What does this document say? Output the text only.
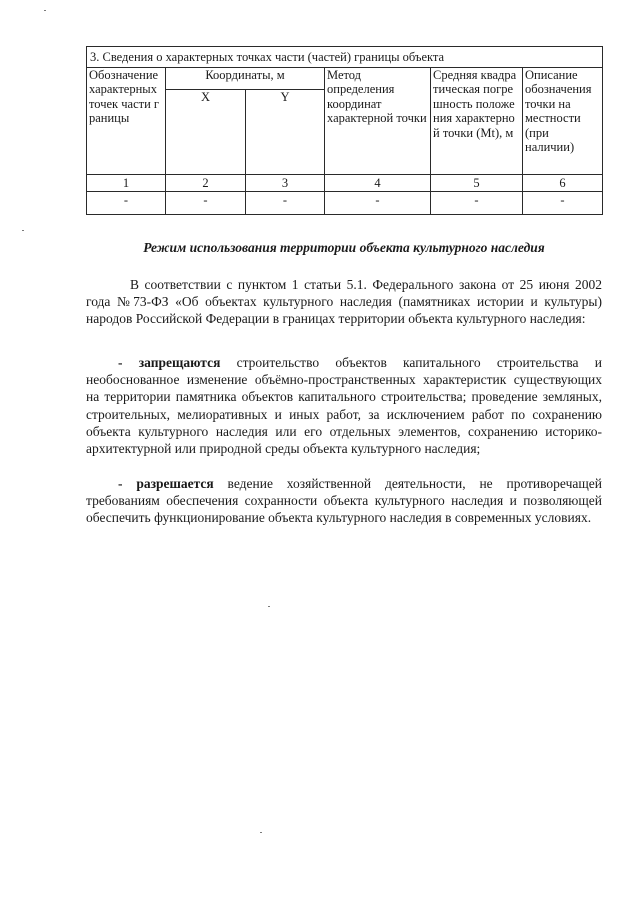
3. Сведения о характерных точках части (частей) границы объекта					
Обозначение характерных точек части границы	Координаты, м		Метод определения координат характерной точки	Средняя квадратическая погрешность положения характерной точки (Mt), м	Описание обозначения точки на местности (при наличии)
	X	Y			
1	2	3	4	5	6
-	-	-	-	-	-
Режим использования территории объекта культурного наследия

В соответствии с пунктом 1 статьи 5.1. Федерального закона от 25 июня 2002 года №73-ФЗ «Об объектах культурного наследия (памятниках истории и культуры) народов Российской Федерации в границах территории объекта культурного наследия:

- запрещаются строительство объектов капитального строительства и необоснованное изменение объёмно-пространственных характеристик существующих на территории памятника объектов капитального строительства; проведение земляных, строительных, мелиоративных и иных работ, за исключением работ по сохранению объекта культурного наследия или его отдельных элементов, сохранению историко-архитектурной или природной среды объекта культурного наследия;

- разрешается ведение хозяйственной деятельности, не противоречащей требованиям обеспечения сохранности объекта культурного наследия и позволяющей обеспечить функционирование объекта культурного наследия в современных условиях.
